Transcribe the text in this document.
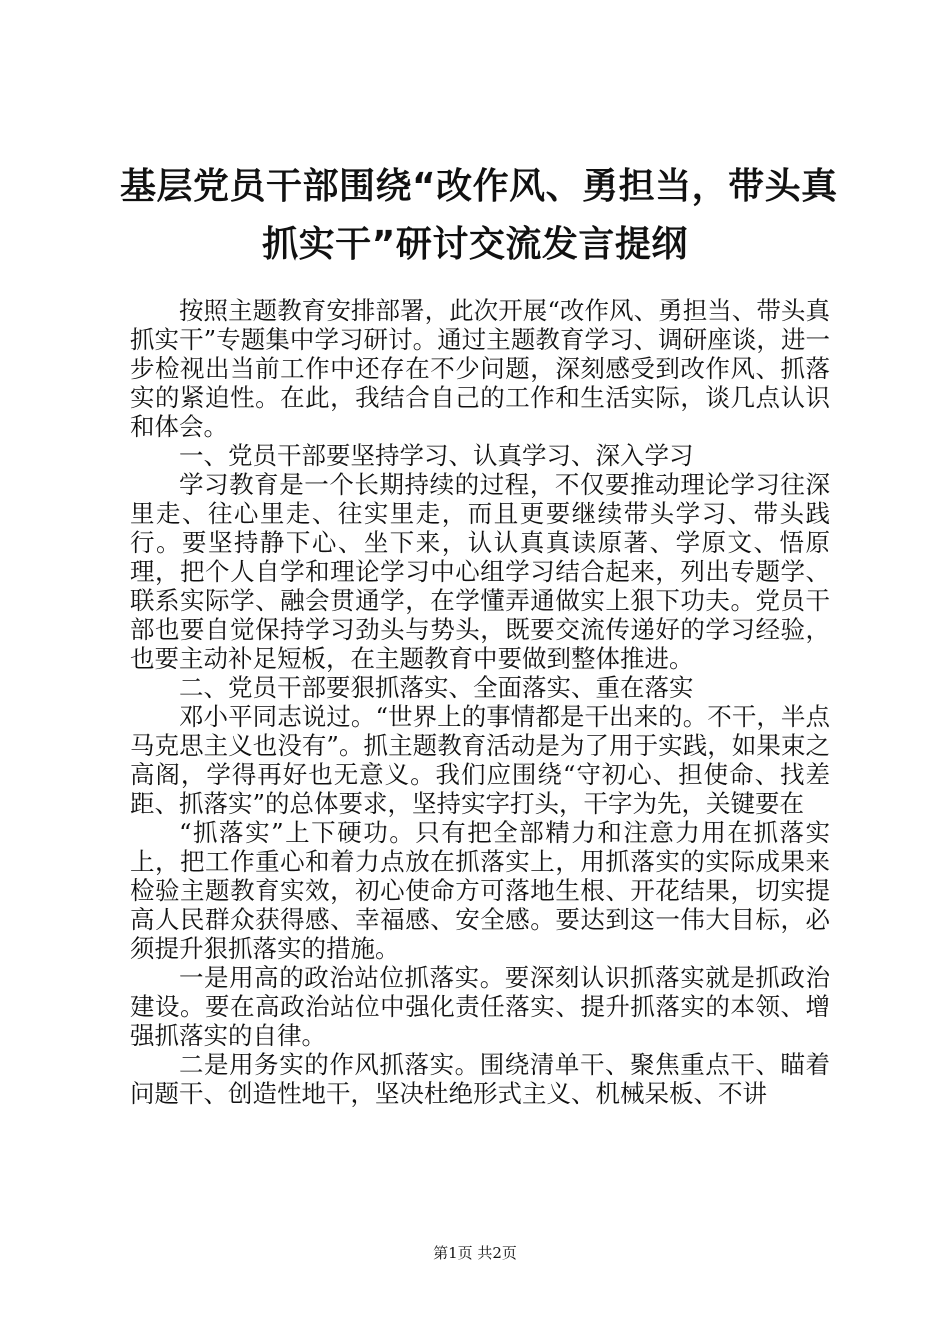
基层党员干部围绕“改作风、勇担当，带头真
抓实干”研讨交流发言提纲

按照主题教育安排部署，此次开展“改作风、勇担当、带头真抓实干”专题集中学习研讨。通过主题教育学习、调研座谈，进一步检视出当前工作中还存在不少问题，深刻感受到改作风、抓落实的紧迫性。在此，我结合自己的工作和生活实际，谈几点认识和体会。

一、党员干部要坚持学习、认真学习、深入学习

学习教育是一个长期持续的过程，不仅要推动理论学习往深里走、往心里走、往实里走，而且更要继续带头学习、带头践行。要坚持静下心、坐下来，认认真真读原著、学原文、悟原理，把个人自学和理论学习中心组学习结合起来，列出专题学、联系实际学、融会贯通学，在学懂弄通做实上狠下功夫。党员干部也要自觉保持学习劲头与势头，既要交流传递好的学习经验，也要主动补足短板，在主题教育中要做到整体推进。

二、党员干部要狠抓落实、全面落实、重在落实

邓小平同志说过。“世界上的事情都是干出来的。不干，半点马克思主义也没有”。抓主题教育活动是为了用于实践，如果束之高阁，学得再好也无意义。我们应围绕“守初心、担使命、找差距、抓落实”的总体要求，坚持实字打头，干字为先，关键要在

“抓落实”上下硬功。只有把全部精力和注意力用在抓落实上，把工作重心和着力点放在抓落实上，用抓落实的实际成果来检验主题教育实效，初心使命方可落地生根、开花结果，切实提高人民群众获得感、幸福感、安全感。要达到这一伟大目标，必须提升狠抓落实的措施。

一是用高的政治站位抓落实。要深刻认识抓落实就是抓政治建设。要在高政治站位中强化责任落实、提升抓落实的本领、增强抓落实的自律。

二是用务实的作风抓落实。围绕清单干、聚焦重点干、瞄着问题干、创造性地干，坚决杜绝形式主义、机械呆板、不讲

第1页 共2页
